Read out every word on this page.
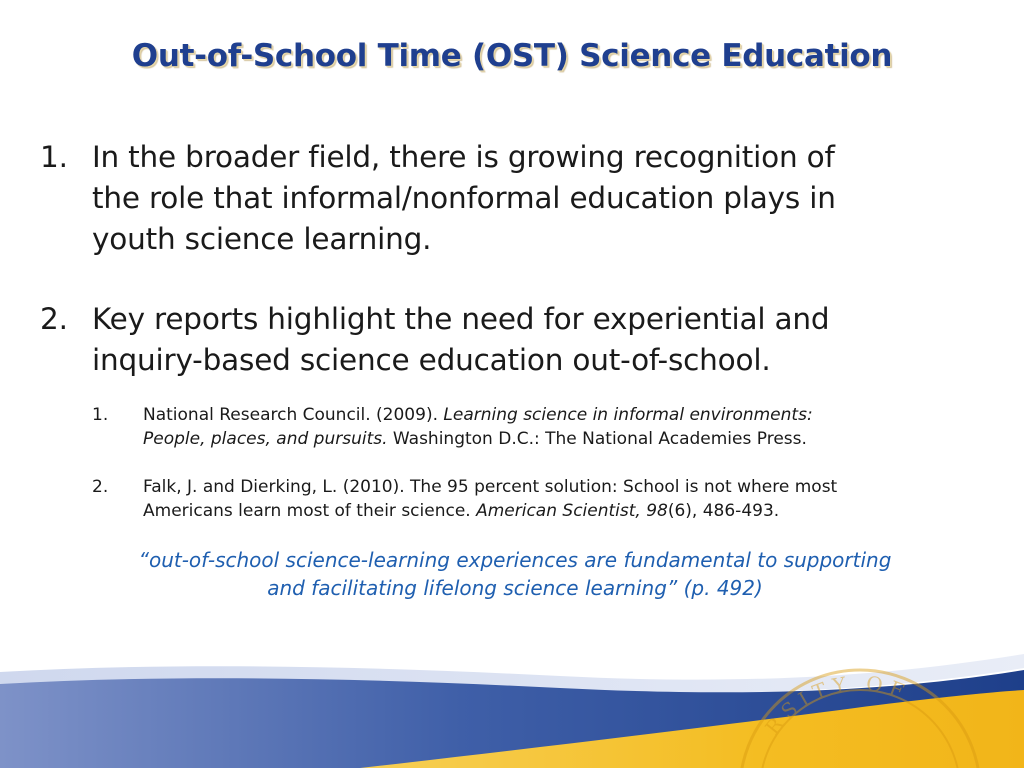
Out-of-School Time (OST) Science Education
1. In the broader field, there is growing recognition of
the role that informal/nonformal education plays in
youth science learning.
2. Key reports highlight the need for experiential and
inquiry-based science education out-of-school.
1. National Research Council. (2009). Learning science in informal environments:
People, places, and pursuits. Washington D.C.: The National Academies Press.
2. Falk, J. and Dierking, L. (2010). The 95 percent solution: School is not where most
Americans learn most of their science. American Scientist, 98(6), 486-493.
“out-of-school science-learning experiences are fundamental to supporting
and facilitating lifelong science learning” (p. 492)
RSITY OF
